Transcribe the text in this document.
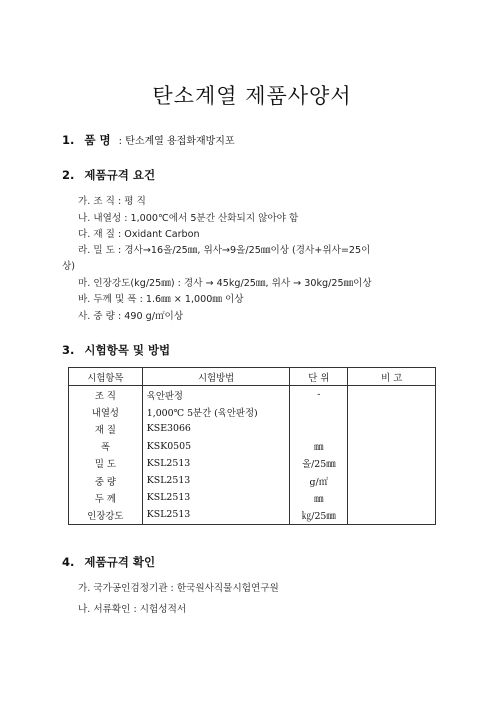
탄소계열 제품사양서
1. 품 명 : 탄소계열 용접화재방지포
2. 제품규격 요건
가. 조 직 : 평 직
나. 내열성 : 1,000℃에서 5분간 산화되지 않아야 함
다. 재 질 : Oxidant Carbon
라. 밀 도 : 경사→16올/25㎜, 위사→9올/25㎜이상 (경사+위사=25이
상)
마. 인장강도(kg/25㎜) : 경사 → 45kg/25㎜, 위사 → 30kg/25㎜이상
바. 두께 및 폭 : 1.6㎜ × 1,000㎜ 이상
사. 중 량 : 490 g/㎡이상
3. 시험항목 및 방법
시험항목	시험방법	단 위	비 고
조 직	육안판정	-	
내열성	1,000℃ 5분간 (육안판정)		
재 질	KSE3066		
폭	KSK0505	㎜	
밀 도	KSL2513	올/25㎜	
중 량	KSL2513	g/㎡	
두 께	KSL2513	㎜	
인장강도	KSL2513	㎏/25㎜	
4. 제품규격 확인
가. 국가공인검정기관 : 한국원사직물시험연구원
나. 서류확인 : 시험성적서
